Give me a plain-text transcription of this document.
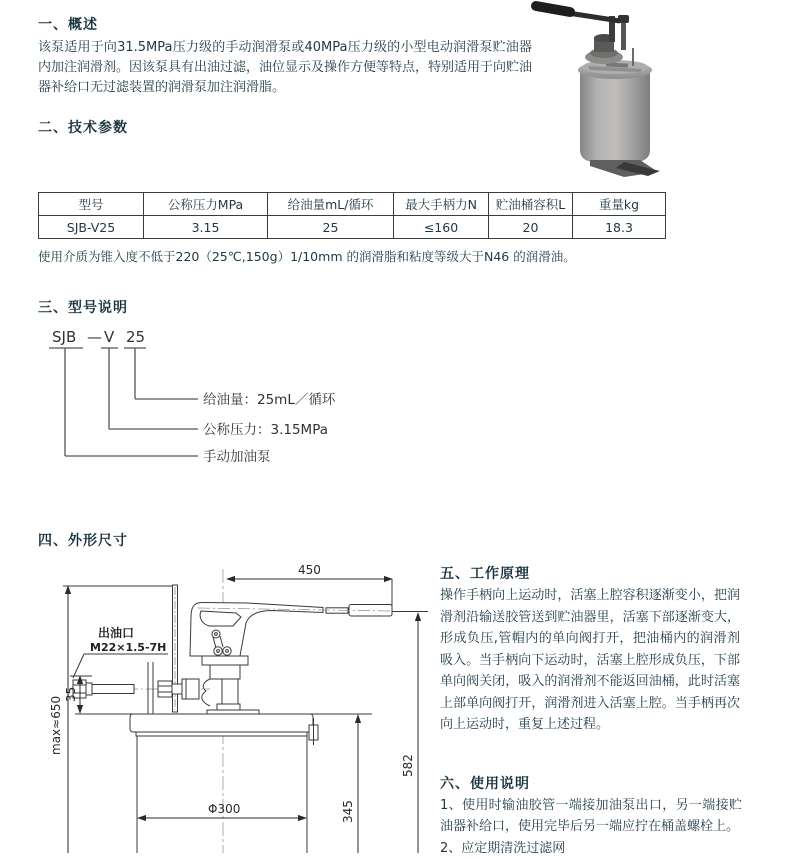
一、概述
该泵适用于向31.5MPa压力级的手动润滑泵或40MPa压力级的小型电动润滑泵贮油器内加注润滑剂。因该泵具有出油过滤，油位显示及操作方便等特点，特别适用于向贮油器补给口无过滤装置的润滑泵加注润滑脂。
二、技术参数
型号	公称压力MPa	给油量mL/循环	最大手柄力N	贮油桶容积L	重量kg
SJB-V25	3.15	25	≤160	20	18.3
使用介质为锥入度不低于220（25℃,150g）1/10mm 的润滑脂和粘度等级大于N46 的润滑油。
三、型号说明
SJB — V 25
给油量：25mL／循环
公称压力：3.15MPa
手动加油泵
四、外形尺寸
450
max≈650
582
出油口
M22×1.5-7H
35
Φ300	345
五、工作原理
操作手柄向上运动时，活塞上腔容积逐渐变小，把润滑剂沿输送胶管送到贮油器里，活塞下部逐渐变大，形成负压,管帽内的单向阀打开，把油桶内的润滑剂吸入。当手柄向下运动时，活塞上腔形成负压，下部单向阀关闭，吸入的润滑剂不能返回油桶，此时活塞上部单向阀打开，润滑剂进入活塞上腔。当手柄再次向上运动时，重复上述过程。
六、使用说明
1、使用时输油胶管一端接加油泵出口，另一端接贮油器补给口，使用完毕后另一端应拧在桶盖螺栓上。
2、应定期清洗过滤网
